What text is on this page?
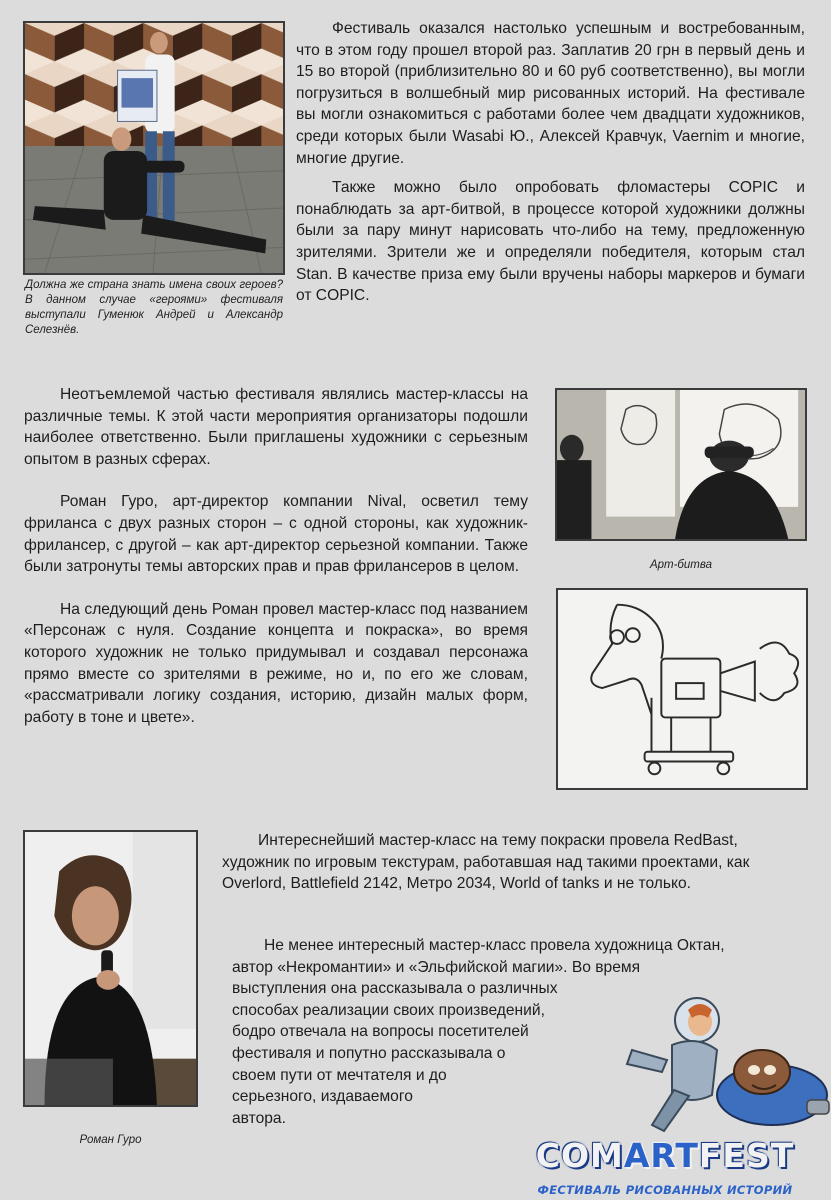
Должна же страна знать имена своих героев? В данном случае «героями» фестиваля выступали Гуменюк Андрей и Александр Селезнёв.

Фестиваль оказался настолько успешным и востребованным, что в этом году прошел второй раз. Заплатив 20 грн в первый день и 15 во второй (приблизительно 80 и 60 руб соответственно), вы могли погрузиться в волшебный мир рисованных историй. На фестивале вы могли ознакомиться с работами более чем двадцати художников, среди которых были Wasabi Ю., Алексей Кравчук, Vaernim и многие, многие другие.

Также можно было опробовать фломастеры COPIC и понаблюдать за арт-битвой, в процессе которой художники должны были за пару минут нарисовать что-либо на тему, предложенную зрителями. Зрители же и определяли победителя, которым стал Stan. В качестве приза ему были вручены наборы маркеров и бумаги от COPIC.

Неотъемлемой частью фестиваля являлись мастер-классы на различные темы. К этой части мероприятия организаторы подошли наиболее ответственно. Были приглашены художники с серьезным опытом в разных сферах.

Роман Гуро, арт-директор компании Nival, осветил тему фриланса с двух разных сторон – с одной стороны, как художник-фрилансер, с другой – как арт-директор серьезной компании. Также были затронуты темы авторских прав и прав фрилансеров в целом.

На следующий день Роман провел мастер-класс под названием «Персонаж с нуля. Создание концепта и покраска», во время которого художник не только придумывал и создавал персонажа прямо вместе со зрителями в режиме, но и, по его же словам, «рассматривали логику создания, историю, дизайн малых форм, работу в тоне и цвете».

Арт-битва
Роман Гуро

Интереснейший мастер-класс на тему покраски провела RedBast, художник по игровым текстурам, работавшая над такими проектами, как Overlord, Battlefield 2142, Метро 2034, World of tanks и не только.

Не менее интересный мастер-класс провела художница Октан,
автор «Некромантии» и «Эльфийской магии». Во время
выступления она рассказывала о различных
способах реализации своих произведений,
бодро отвечала на вопросы посетителей
фестиваля и попутно рассказывала о
своем пути от мечтателя и до
серьезного, издаваемого
автора.
COMARTFEST
ФЕСТИВАЛЬ РИСОВАННЫХ ИСТОРИЙ
